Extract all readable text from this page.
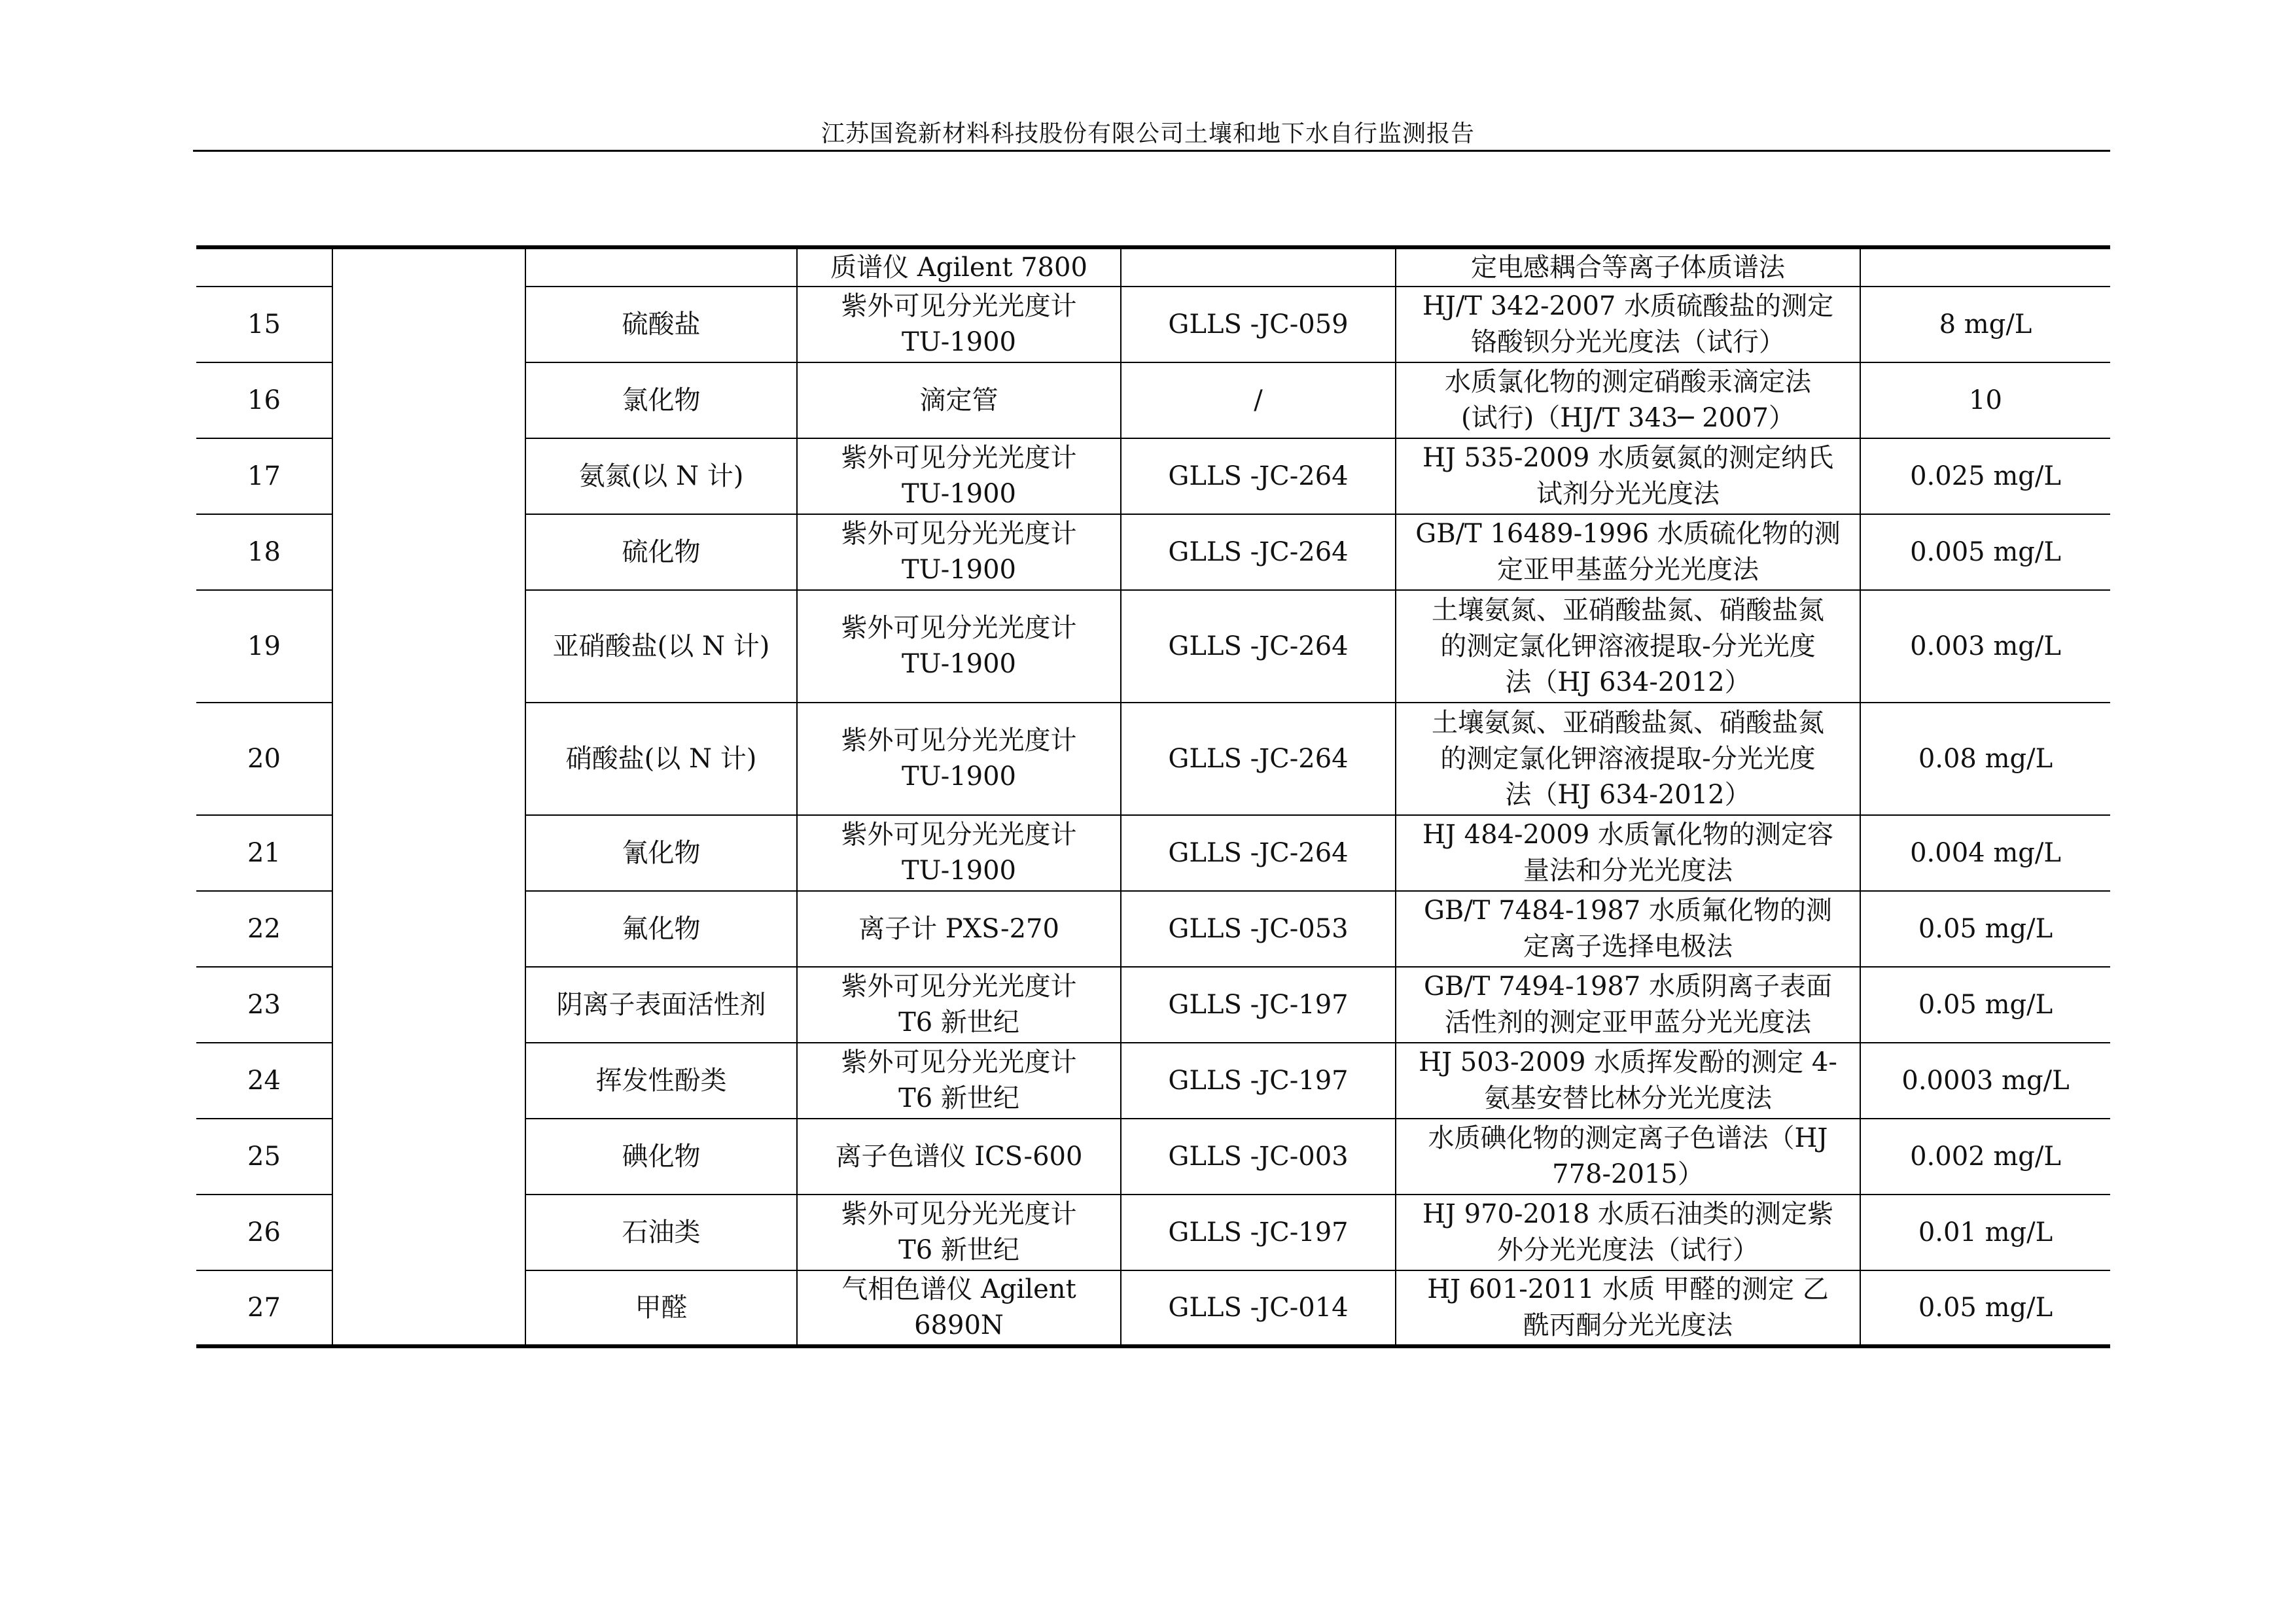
江苏国瓷新材料科技股份有限公司土壤和地下水自行监测报告
			质谱仪 Agilent 7800		定电感耦合等离子体质谱法	
15		硫酸盐	紫外可见分光光度计
TU-1900	GLLS -JC-059	HJ/T 342-2007 水质硫酸盐的测定
铬酸钡分光光度法（试行）	8 mg/L
16		氯化物	滴定管	/	水质氯化物的测定硝酸汞滴定法
(试行)（HJ/T 343─ 2007）	10
17		氨氮(以 N 计)	紫外可见分光光度计
TU-1900	GLLS -JC-264	HJ 535-2009 水质氨氮的测定纳氏
试剂分光光度法	0.025 mg/L
18		硫化物	紫外可见分光光度计
TU-1900	GLLS -JC-264	GB/T 16489-1996 水质硫化物的测
定亚甲基蓝分光光度法	0.005 mg/L
19		亚硝酸盐(以 N 计)	紫外可见分光光度计
TU-1900	GLLS -JC-264	土壤氨氮、亚硝酸盐氮、硝酸盐氮
的测定氯化钾溶液提取-分光光度
法（HJ 634-2012）	0.003 mg/L
20		硝酸盐(以 N 计)	紫外可见分光光度计
TU-1900	GLLS -JC-264	土壤氨氮、亚硝酸盐氮、硝酸盐氮
的测定氯化钾溶液提取-分光光度
法（HJ 634-2012）	0.08 mg/L
21		氰化物	紫外可见分光光度计
TU-1900	GLLS -JC-264	HJ 484-2009 水质氰化物的测定容
量法和分光光度法	0.004 mg/L
22		氟化物	离子计 PXS-270	GLLS -JC-053	GB/T 7484-1987 水质氟化物的测
定离子选择电极法	0.05 mg/L
23		阴离子表面活性剂	紫外可见分光光度计
T6 新世纪	GLLS -JC-197	GB/T 7494-1987 水质阴离子表面
活性剂的测定亚甲蓝分光光度法	0.05 mg/L
24		挥发性酚类	紫外可见分光光度计
T6 新世纪	GLLS -JC-197	HJ 503-2009 水质挥发酚的测定 4-
氨基安替比林分光光度法	0.0003 mg/L
25		碘化物	离子色谱仪 ICS-600	GLLS -JC-003	水质碘化物的测定离子色谱法（HJ
778-2015）	0.002 mg/L
26		石油类	紫外可见分光光度计
T6 新世纪	GLLS -JC-197	HJ 970-2018 水质石油类的测定紫
外分光光度法（试行）	0.01 mg/L
27		甲醛	气相色谱仪 Agilent
6890N	GLLS -JC-014	HJ 601-2011 水质 甲醛的测定 乙
酰丙酮分光光度法	0.05 mg/L
